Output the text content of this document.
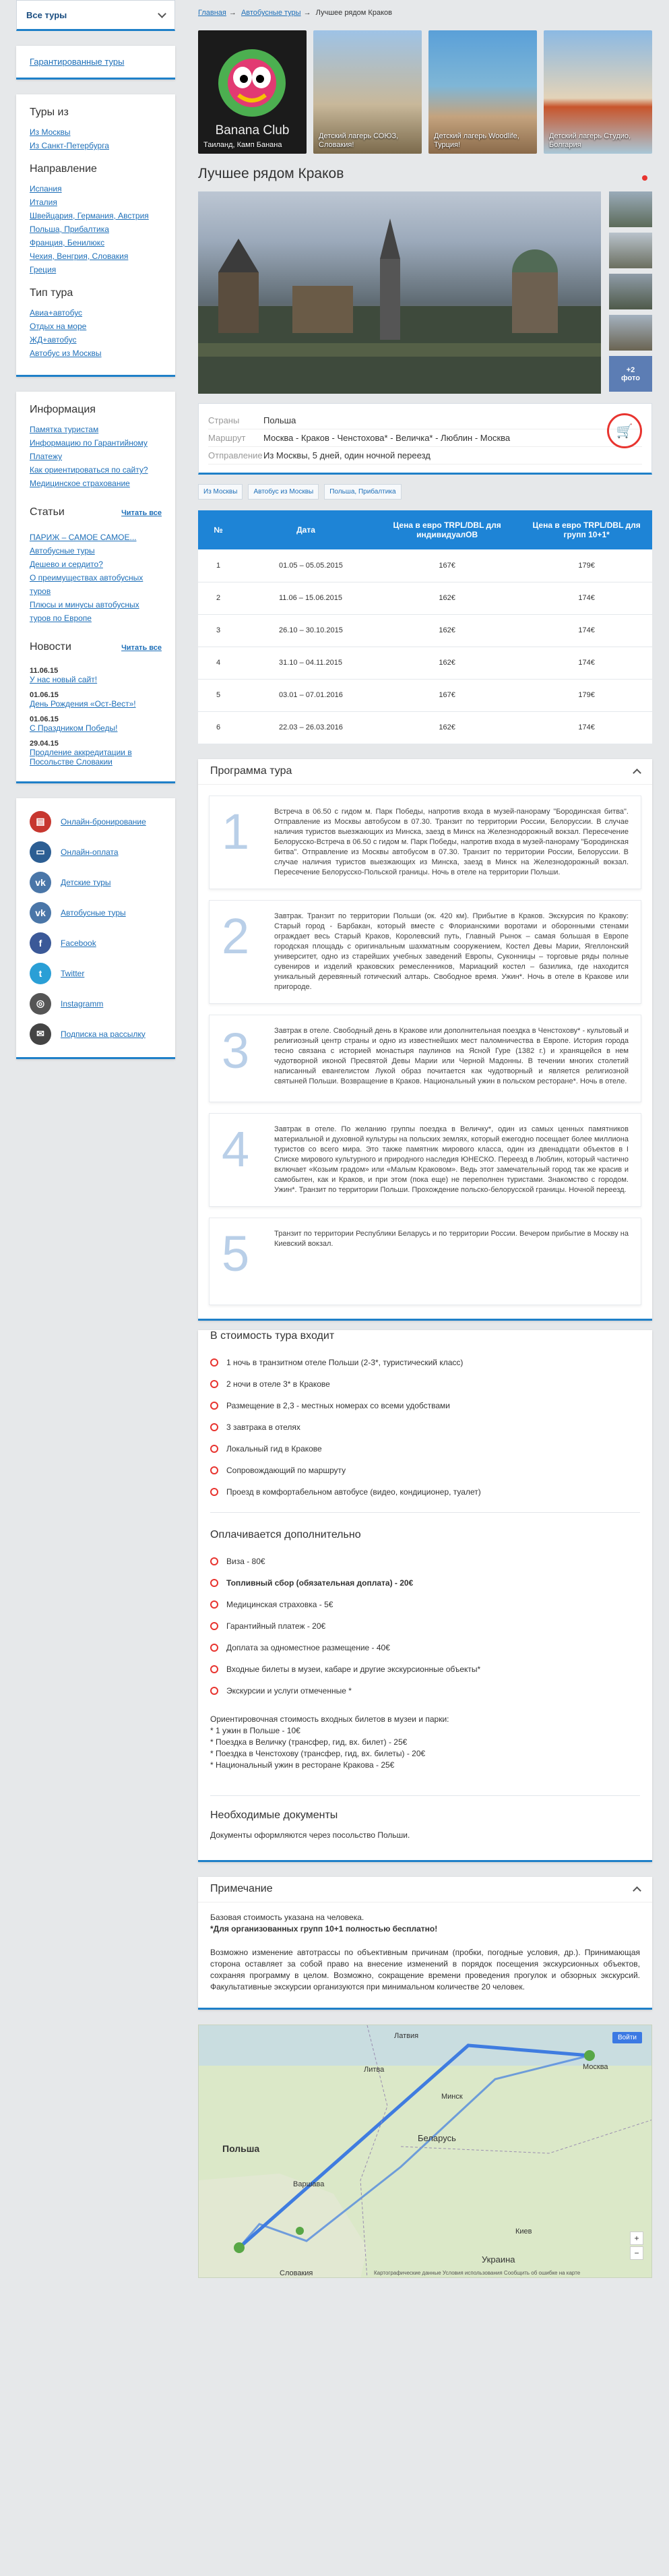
Все туры
Гарантированные туры
Туры из
Из Москвы
Из Санкт-Петербурга
Направление
Испания
Италия
Швейцария, Германия, Австрия
Польша, Прибалтика
Франция, Бенилюкс
Чехия, Венгрия, Словакия
Греция
Тип тура
Авиа+автобус
Отдых на море
ЖД+автобус
Автобус из Москвы
Информация
Памятка туристам
Информацию по Гарантийному Платежу
Как ориентироваться по сайту?
Медицинское страхование
Статьи	Читать все
ПАРИЖ – САМОЕ САМОЕ...
Автобусные туры
Дешево и сердито?
О преимуществах автобусных туров
Плюсы и минусы автобусных туров по Европе
Новости	Читать все
11.06.15
У нас новый сайт!
01.06.15
День Рождения «Ост-Вест»!
01.06.15
С Праздником Победы!
29.04.15
Продление аккредитации в Посольстве Словакии
▤	Онлайн-бронирование
▭	Онлайн-оплата
vk	Детские туры
vk	Автобусные туры
f	Facebook
t	Twitter
◎	Instagramm
✉	Подписка на рассылку
Главная → Автобусные туры → Лучшее рядом Краков
Banana Club
Таиланд, Камп Банана
Детский лагерь СОЮЗ, Словакия!
Детский лагерь Woodlife, Турция!
Детский лагерь Студио, Болгария
Лучшее рядом Краков
+2
фото
Страны	Польша
Маршрут	Москва - Краков - Ченстохова* - Величка* - Люблин - Москва
Отправление Из Москвы, 5 дней, один ночной переезд
🛒
Из Москвы	Автобус из Москвы	Польша, Прибалтика
№	Дата	Цена в евро TRPL/DBL для индивидуалОВ	Цена в евро TRPL/DBL для групп 10+1*
1	01.05 – 05.05.2015	167€	179€
2	11.06 – 15.06.2015	162€	174€
3	26.10 – 30.10.2015	162€	174€
4	31.10 – 04.11.2015	162€	174€
5	03.01 – 07.01.2016	167€	179€
6	22.03 – 26.03.2016	162€	174€
Программа тура
1	Встреча в 06.50 с гидом м. Парк Победы, напротив входа в музей-панораму "Бородинская битва". Отправление из Москвы автобусом в 07.30. Транзит по территории России, Белоруссии. В случае наличия туристов выезжающих из Минска, заезд в Минск на Железнодорожный вокзал. Пересечение Белорусско-Встреча в 06.50 с гидом м. Парк Победы, напротив входа в музей-панораму "Бородинская битва". Отправление из Москвы автобусом в 07.30. Транзит по территории России, Белоруссии. В случае наличия туристов выезжающих из Минска, заезд в Минск на Железнодорожный вокзал. Пересечение Белорусско-Польской границы. Ночь в отеле на территории Польши.
2	Завтрак. Транзит по территории Польши (ок. 420 км). Прибытие в Краков. Экскурсия по Кракову: Старый город - Барбакан, который вместе с Флорианскими воротами и оборонными стенами ограждает весь Старый Краков, Королевский путь, Главный Рынок – самая большая в Европе городская площадь с оригинальным шахматным сооружением, Костел Девы Марии, Ягеллонский университет, одно из старейших учебных заведений Европы, Суконницы – торговые ряды полные сувениров и изделий краковских ремесленников, Мариацкий костел – базилика, где находится уникальный деревянный готический алтарь. Свободное время. Ужин*. Ночь в отеле в Кракове или пригороде.
3	Завтрак в отеле. Свободный день в Кракове или дополнительная поездка в Ченстохову* - культовый и религиозный центр страны и одно из известнейших мест паломничества в Европе. История города тесно связана с историей монастыря паулинов на Ясной Гуре (1382 г.) и хранящейся в нем чудотворной иконой Пресвятой Девы Марии или Черной Мадонны. В течении многих столетий написанный евангелистом Лукой образ почитается как чудотворный и является религиозной святыней Польши. Возвращение в Краков. Национальный ужин в польском ресторане*. Ночь в отеле.
4	Завтрак в отеле. По желанию группы поездка в Величку*, один из самых ценных памятников материальной и духовной культуры на польских землях, который ежегодно посещает более миллиона туристов со всего мира. Это также памятник мирового класса, один из двенадцати объектов в I Списке мирового культурного и природного наследия ЮНЕСКО. Переезд в Люблин, который частично включает «Козьим градом» или «Малым Краковом». Ведь этот замечательный город так же красив и самобытен, как и Краков, и при этом (пока еще) не переполнен туристами. Знакомство с городом. Ужин*. Транзит по территории Польши. Прохождение польско-белорусской границы. Ночной переезд.
5	Транзит по территории Республики Беларусь и по территории России. Вечером прибытие в Москву на Киевский вокзал.
В стоимость тура входит
1 ночь в транзитном отеле Польши (2-3*, туристический класс)
2 ночи в отеле 3* в Кракове
Размещение в 2,3 - местных номерах со всеми удобствами
3 завтрака в отелях
Локальный гид в Кракове
Сопровождающий по маршруту
Проезд в комфортабельном автобусе (видео, кондиционер, туалет)
Оплачивается дополнительно
Виза - 80€
Топливный сбор (обязательная доплата) - 20€
Медицинская страховка - 5€
Гарантийный платеж - 20€
Доплата за одноместное размещение - 40€
Входные билеты в музеи, кабаре и другие экскурсионные объекты*
Экскурсии и услуги отмеченные *
Ориентировочная стоимость входных билетов в музеи и парки:
* 1 ужин в Польше - 10€
* Поездка в Величку (трансфер, гид, вх. билет) - 25€
* Поездка в Ченстохову (трансфер, гид, вх. билеты) - 20€
* Национальный ужин в ресторане Кракова - 25€
Необходимые документы

Документы оформляются через посольство Польши.

Примечание

Базовая стоимость указана на человека.

*Для организованных групп 10+1 полностью бесплатно!

Возможно изменение автотрассы по объективным причинам (пробки, погодные условия, др.). Принимающая сторона оставляет за собой право на внесение изменений в порядок посещения экскурсионных объектов, сохраняя программу в целом. Возможно, сокращение времени проведения прогулок и обзорных экскурсий. Факультативные экскурсии организуются при минимальном количестве 20 человек.

Войти
Латвия
Москва
Литва
Минск
Беларусь
Польша
Варшава
Украина
Киев
Словакия	Картографические данные Условия использования Сообщить об ошибке на карте
+
−
